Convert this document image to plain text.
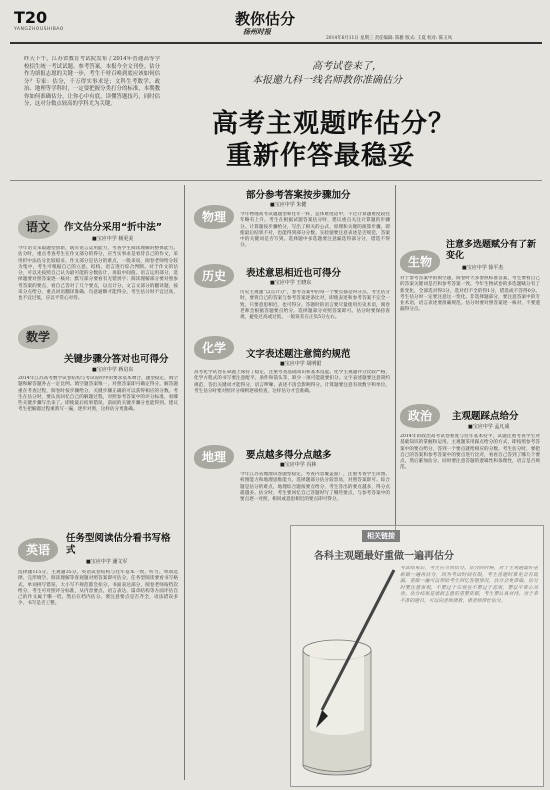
T20
YANGZHOUSHIBAO
教你估分
扬州时报
2014年6月11日 星期三 责任编辑: 陈雅 版式: 王夏 校对: 陈玉凤
昨天下午，江苏省教育考试院发布了2014年普通高等学校招生统一考试试题、参考答案，本报今全文刊登。估分作为填报志愿的关键一步，考生千呼百唤到底应该如何估分？专家：估分，千万得实事求是；文科生考数学、政治、地理等学科时，一定要把握分类打分的标准，本期教你如何准确估分，让你心中有底，读懂答题技巧，同时估分，这对分数点较高的学科尤为关键。
高考试卷来了，
本报邀九科一线名师教你准确估分
高考主观题咋估分？
重新作答最稳妥
语文	作文估分采用“折中法”
■宝应中学 杨更美
今年语文采取题型创新，既有语言运用能力，考查学生阅读理解的整体能力。估分时，重点考查考生在作文部分的得分，应当实事求是看待自己的作文，采用折中法估分比较稳妥。作文部分是估分的难点，一般来说，阅卷老师给分较为集中，考生可根据自己的立意、结构、语言进行综合判断。对于作文的估分，可以先按照自己认为最可能的分数估计，再取中间值。语言运用部分，选择题要对照答案逐一核对；默写部分要看有无错别字；阅读理解部分要对照参考答案的要点，看自己答对了几个要点，以点计分。文言文部分的翻译题，按采分点给分，重点词语翻译准确、句意通顺才能得分。考生估分时不宜过高，也不宜过低，应以平常心对待。
数学
关键步骤分答对也可得分
■宝应中学 蒋启东
2014年江苏高考数学试卷结构与考试说明中的要求基本吻合，题型稳定，填空题和解答题各占一定比例。填空题答案唯一，对照答案即可确定得分。解答题重在考查过程，阅卷时按步骤给分，关键步骤正确的可以获得相应的分数。考生在估分时，要认真回忆自己的解题过程，对照参考答案中的评分标准，看哪些关键步骤写出来了。即使最后结果错误，前面的关键步骤分也能得到。建议考生把解题过程重新写一遍，逐步对照，这样估分更准确。
物理
部分参考答案按步骤加分
■宝应中学 朱健
今年物理高考试题题型和往年一样，总体难度适中，不过计算题难度较往年略有上升。考生在根据试题答案估分时，建议重点关注计算题的步骤分。计算题按步骤给分，写出了相关的公式、原理和关键的演算步骤，即使最后结果不对，也能得到部分分数。实验题要注意表述是否规范，答案中的关键词是否写到。选择题中多选题要注意漏选得部分分，错选不得分。
历史	表述意思相近也可得分
■宝应中学 王晓东
历史主观题“以点计分”，参考答案中的每一个要点都是得分点。考生估分时，要将自己的答案与参考答案逐条比对，即使表述和参考答案不完全一致，只要意思相近，也可得分。答题时的语言要尽量使用历史术语，阅卷老师会根据答题要点给分。选择题部分对照答案即可。估分时要保持客观，避免过高或过低，一般误差在正负5分左右。
化学	文字表述题注意简约规范
■宝应中学 胡明银
高考化学试卷在命题上保持了稳定，注重考查基础知识和基本技能。化学主观题评分比较严格，化学方程式的书写要注意配平、条件和箭头等，缺少一项可能就要扣分。文字表述题要注意简约规范，答出关键词才能得分，语言啰嗦、表述不清会影响得分。计算题要注意有效数字和单位。考生估分时要对照评分细则逐项检查，这样估分才会准确。
地理	要点越多得分点越多
■宝应中学 冯林
今年江苏省地理试卷题型稳定，考查内容覆盖面广，注重考查学生读图、析图能力和地理思维能力。选择题部分估分较容易，对照答案即可。综合题是估分的难点，地理综合题按要点给分，考生答出的要点越多，得分点就越多。估分时，考生要回忆自己答题时写了哪些要点，与参考答案中的要点逐一对照，相同或意思相近的要点即可得分。
生物
注意多选题赋分有了新变化
■宝应中学 徐平杰
对于参考答案中的填空题，阅卷时大多参照标准答案，考生要看自己的答案关键词是否和参考答案一致。今年生物试卷的多选题赋分有了新变化，全部选对得3分，选对但不全的得1分，错选或不答得0分。考生估分时一定要注意这一变化。非选择题部分，要注意答案中的专业术语，语言表述要准确规范。估分时要对照答案逐一核对，不要遗漏得分点。
政治	主观题踩点给分
■宝应中学 孟凡成
2014年的政治高考试卷难度与往年基本持平，试题注重考查学生对基础知识的掌握和运用。主观题采用踩点给分的方式，即按照参考答案中的要点给分，答到一个要点就给相应的分数。考生估分时，要把自己的答案和参考答案中的要点进行比对，看看自己答到了哪几个要点，然后累加估分。同时要注意答题的逻辑性和条理性，语言是否规范。
英语
任务型阅读估分看书写格式
■宝应中学 潘文军
选择题115分，主观题35分。英语试卷结构与往年基本一致，听力、单项选择、完形填空、阅读理解等客观题对照答案即可估分。任务型阅读要看书写格式，单词拼写错误、大小写不规范都会扣分。书面表达部分，阅卷老师按档次给分，考生可对照评分标准，从内容要点、语言表达、篇章结构等方面评估自己的作文属于哪一档，然后在档内估分。要注意要点是否齐全，语法错误多少，书写是否工整。
相关链接
各科主观题最好重做一遍再估分
考试结束后，考生应尽快估分。估分的时候，对于主观题最好重新做一遍再估分，因为考试时间有限，考生答题时难免会有疏漏，重做一遍可以帮助考生回忆答题情况，估分会更准确。估分时要注意客观，不要过于乐观也不要过于悲观，要以平常心对待。估分结果是填报志愿的重要依据，考生要认真对待。对于拿不准的题目，可以向老师请教，请老师帮忙估分。
